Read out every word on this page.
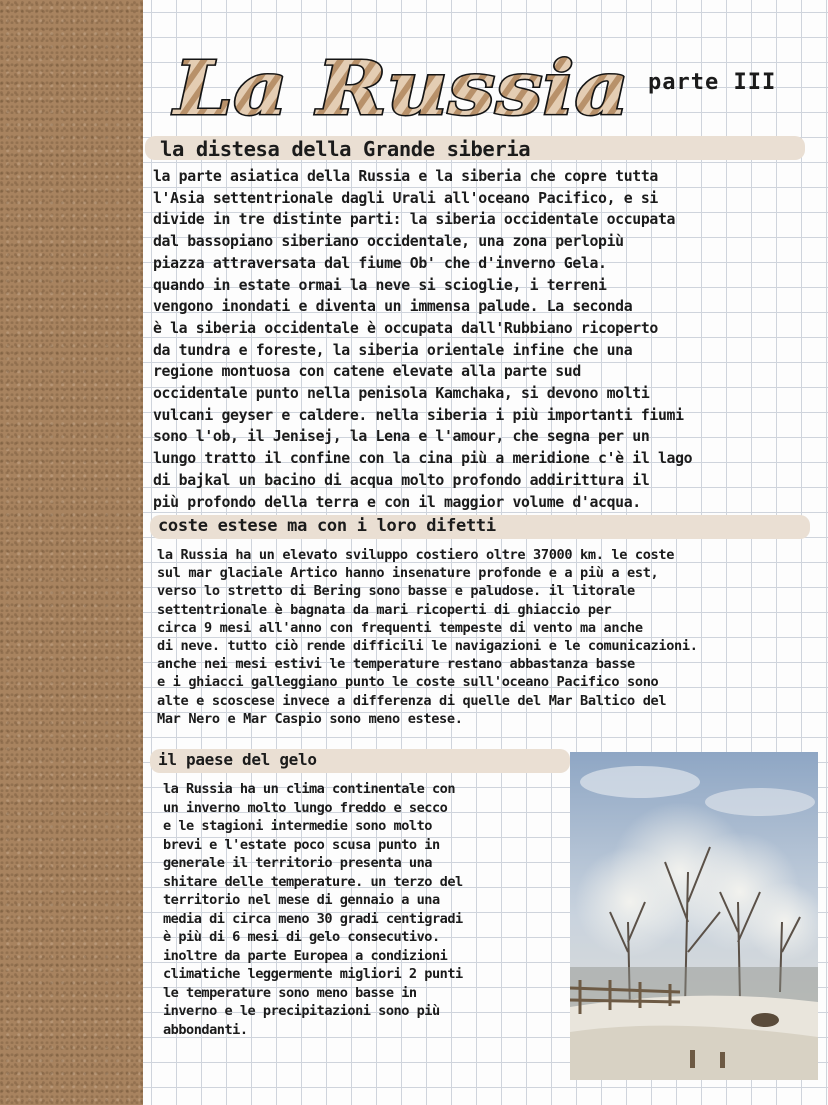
La Russia parte III
la distesa della Grande siberia
la parte asiatica della Russia e la siberia che copre tutta
l'Asia settentrionale dagli Urali all'oceano Pacifico, e si
divide in tre distinte parti: la siberia occidentale occupata
dal bassopiano siberiano occidentale, una zona perlopiù
piazza attraversata dal fiume Ob' che d'inverno Gela.
quando in estate ormai la neve si scioglie, i terreni
vengono inondati e diventa un immensa palude. La seconda
è la siberia occidentale è occupata dall'Rubbiano ricoperto
da tundra e foreste, la siberia orientale infine che una
regione montuosa con catene elevate alla parte sud
occidentale punto nella penisola Kamchaka, si devono molti
vulcani geyser e caldere. nella siberia i più importanti fiumi
sono l'ob, il Jenisej, la Lena e l'amour, che segna per un
lungo tratto il confine con la cina più a meridione c'è il lago
di bajkal un bacino di acqua molto profondo addirittura il
più profondo della terra e con il maggior volume d'acqua.
coste estese ma con i loro difetti
la Russia ha un elevato sviluppo costiero oltre 37000 km. le coste
sul mar glaciale Artico hanno insenature profonde e a più a est,
verso lo stretto di Bering sono basse e paludose. il litorale
settentrionale è bagnata da mari ricoperti di ghiaccio per
circa 9 mesi all'anno con frequenti tempeste di vento ma anche
di neve. tutto ciò rende difficili le navigazioni e le comunicazioni.
anche nei mesi estivi le temperature restano abbastanza basse
e i ghiacci galleggiano punto le coste sull'oceano Pacifico sono
alte e scoscese invece a differenza di quelle del Mar Baltico del
Mar Nero e Mar Caspio sono meno estese.
il paese del gelo
la Russia ha un clima continentale con
un inverno molto lungo freddo e secco
e le stagioni intermedie sono molto
brevi e l'estate poco scusa punto in
generale il territorio presenta una
shitare delle temperature. un terzo del
territorio nel mese di gennaio a una
media di circa meno 30 gradi centigradi
è più di 6 mesi di gelo consecutivo.
inoltre da parte Europea a condizioni
climatiche leggermente migliori 2 punti
le temperature sono meno basse in
inverno e le precipitazioni sono più
abbondanti.
